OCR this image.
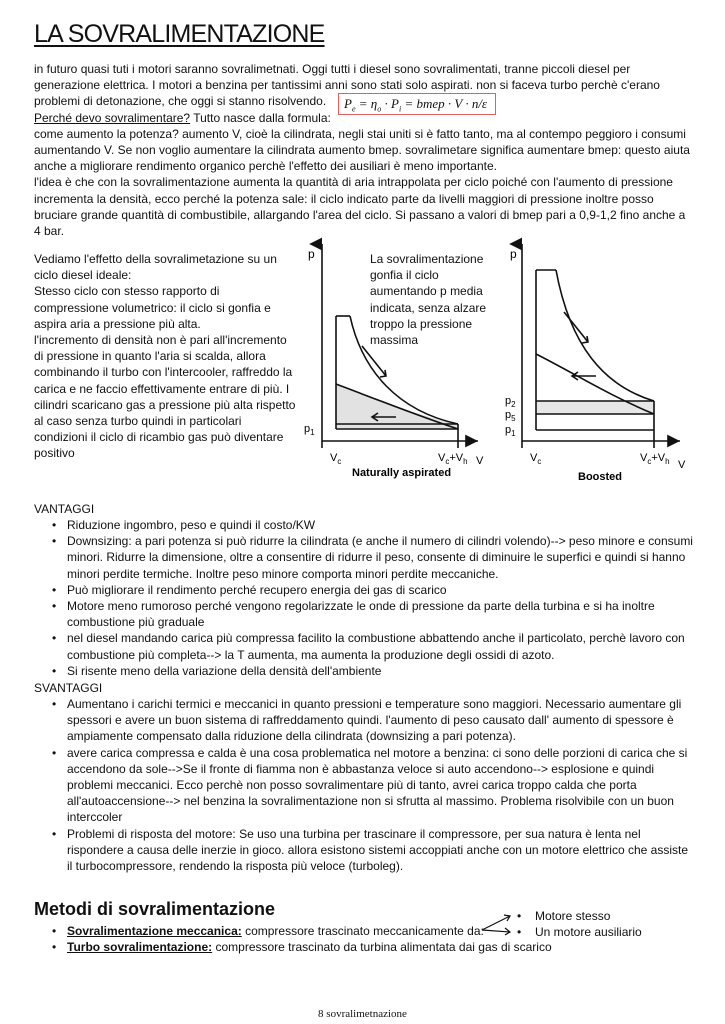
LA SOVRALIMENTAZIONE

in futuro quasi tuti i motori saranno sovralimetnati. Oggi tutti i diesel sono sovralimentati, tranne piccoli diesel per generazione elettrica. I motori a benzina per tantissimi anni sono stati solo aspirati. non si faceva turbo perchè c'erano problemi di detonazione, che oggi si stanno risolvendo.

Perché devo sovralimentare? Tutto nasce dalla formula:

come aumento la potenza? aumento V, cioè la cilindrata, negli stai uniti si è fatto tanto, ma al contempo peggioro i consumi aumentando V. Se non voglio aumentare la cilindrata aumento bmep. sovralimetare significa aumentare bmep: questo aiuta anche a migliorare rendimento organico perchè l'effetto dei ausiliari è meno importante.

l'idea è che con la sovralimentazione aumenta la quantità di aria intrappolata per ciclo poiché con l'aumento di pressione incrementa la densità, ecco perché la potenza sale: il ciclo indicato parte da livelli maggiori di pressione inoltre posso bruciare grande quantità di combustibile, allargando l'area del ciclo. Si passano a valori di bmep pari a 0,9-1,2 fino anche a 4 bar.

$P_e = \eta_o \cdot P_i$ = bmep · V · n/ε

Vediamo l'effetto della sovralimetazione su un ciclo diesel ideale:

Stesso ciclo con stesso rapporto di compressione volumetrico: il ciclo si gonfia e aspira aria a pressione più alta.

l'incremento di densità non è pari all'incremento di pressione in quanto l'aria si scalda, allora combinando il turbo con l'intercooler, raffreddo la carica e ne faccio effettivamente entrare di più. I cilindri scaricano gas a pressione più alta rispetto al caso senza turbo quindi in particolari condizioni il ciclo di ricambio gas può diventare positivo

La sovralimentazione gonfia il ciclo aumentando p media indicata, senza alzare troppo la pressione massima
p
$p_1$
$V_c$	$V_c+V_h$ V
Naturally aspirated
p
$p_2$
$p_5$
$p_1$
$V_c$	$V_c+V_h$ V
Boosted
VANTAGGI
• Riduzione ingombro, peso e quindi il costo/KW
• Downsizing: a pari potenza si può ridurre la cilindrata (e anche il numero di cilindri volendo)--> peso minore e consumi minori. Ridurre la dimensione, oltre a consentire di ridurre il peso, consente di diminuire le superfici e quindi si hanno minori perdite termiche. Inoltre peso minore comporta minori perdite meccaniche.
• Può migliorare il rendimento perché recupero energia dei gas di scarico
• Motore meno rumoroso perché vengono regolarizzate le onde di pressione da parte della turbina e si ha inoltre combustione più graduale
• nel diesel mandando carica più compressa facilito la combustione abbattendo anche il particolato, perchè lavoro con combustione più completa--> la T aumenta, ma aumenta la produzione degli ossidi di azoto.
• Si risente meno della variazione della densità dell'ambiente
SVANTAGGI
• Aumentano i carichi termici e meccanici in quanto pressioni e temperature sono maggiori. Necessario aumentare gli spessori e avere un buon sistema di raffreddamento quindi. l'aumento di peso causato dall' aumento di spessore è ampiamente compensato dalla riduzione della cilindrata (downsizing a pari potenza).
• avere carica compressa e calda è una cosa problematica nel motore a benzina: ci sono delle porzioni di carica che si accendono da sole-->Se il fronte di fiamma non è abbastanza veloce si auto accendono--> esplosione e quindi problemi meccanici. Ecco perchè non posso sovralimentare più di tanto, avrei carica troppo calda che porta all'autoaccensione--> nel benzina la sovralimentazione non si sfrutta al massimo. Problema risolvibile con un buon interccoler
• Problemi di risposta del motore: Se uso una turbina per trascinare il compressore, per sua natura è lenta nel rispondere a causa delle inerzie in gioco. allora esistono sistemi accoppiati anche con un motore elettrico che assiste il turbocompressore, rendendo la risposta più veloce (turboleg).
Metodi di sovralimentazione
• Sovralimentazione meccanica: compressore trascinato meccanicamente da:
• Turbo sovralimentazione: compressore trascinato da turbina alimentata dai gas di scarico
• Motore stesso
• Un motore ausiliario
8 sovralimetnazione
